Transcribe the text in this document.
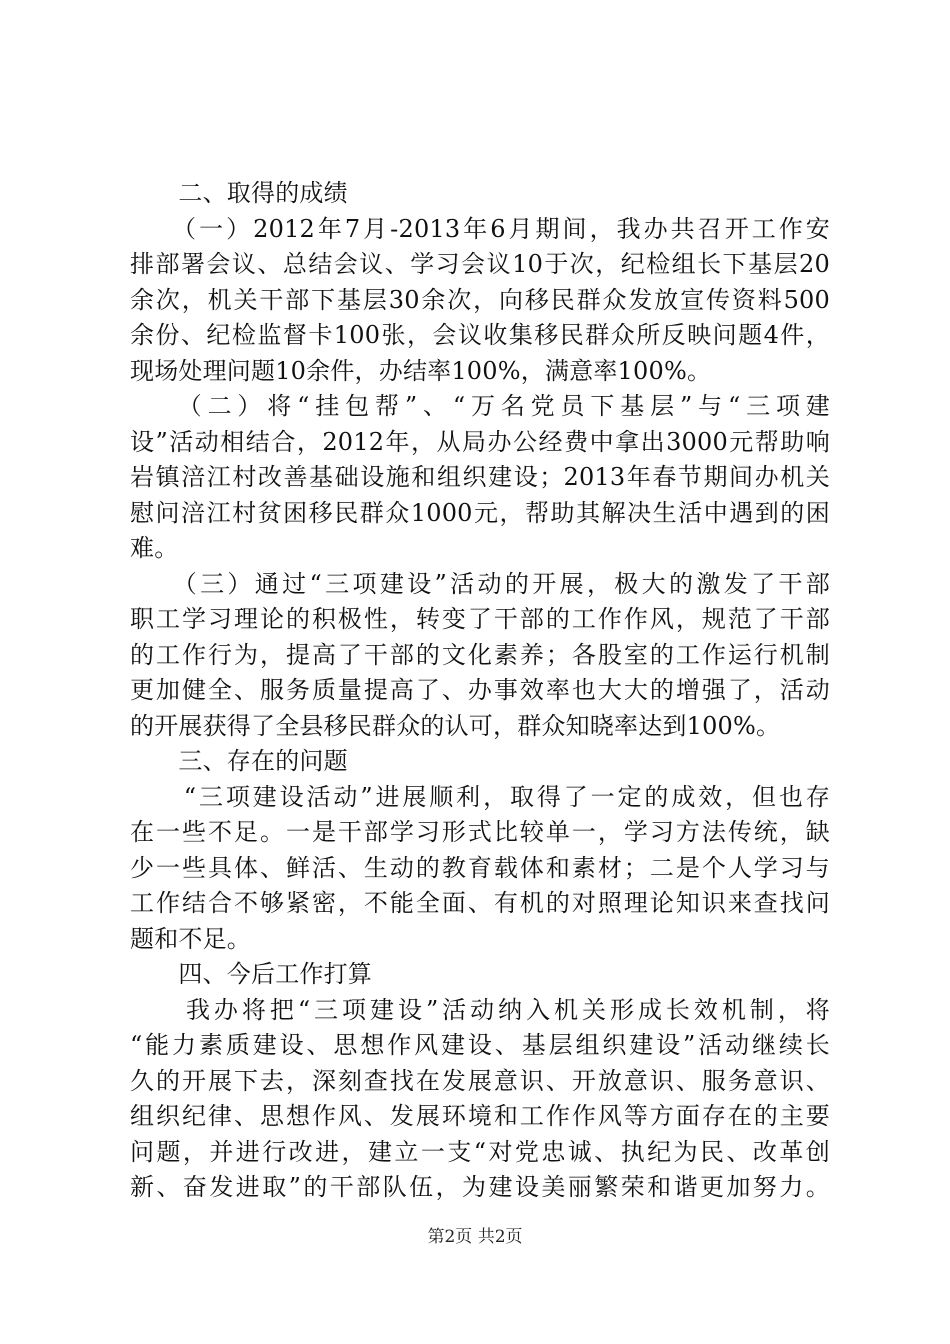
　　二、取得的成绩
　　（一）2012年7月-2013年6月期间，我办共召开工作安
排部署会议、总结会议、学习会议10于次，纪检组长下基层20
余次，机关干部下基层30余次，向移民群众发放宣传资料500
余份、纪检监督卡100张，会议收集移民群众所反映问题4件，
现场处理问题10余件，办结率100%，满意率100%。
　　（二）将“挂包帮”、“万名党员下基层”与“三项建
设”活动相结合，2012年，从局办公经费中拿出3000元帮助响
岩镇涪江村改善基础设施和组织建设；2013年春节期间办机关
慰问涪江村贫困移民群众1000元，帮助其解决生活中遇到的困
难。
　　（三）通过“三项建设”活动的开展，极大的激发了干部
职工学习理论的积极性，转变了干部的工作作风，规范了干部
的工作行为，提高了干部的文化素养；各股室的工作运行机制
更加健全、服务质量提高了、办事效率也大大的增强了，活动
的开展获得了全县移民群众的认可，群众知晓率达到100%。
　　三、存在的问题
　　“三项建设活动”进展顺利，取得了一定的成效，但也存
在一些不足。一是干部学习形式比较单一，学习方法传统，缺
少一些具体、鲜活、生动的教育载体和素材；二是个人学习与
工作结合不够紧密，不能全面、有机的对照理论知识来查找问
题和不足。
　　四、今后工作打算
　　我办将把“三项建设”活动纳入机关形成长效机制，将
“能力素质建设、思想作风建设、基层组织建设”活动继续长
久的开展下去，深刻查找在发展意识、开放意识、服务意识、
组织纪律、思想作风、发展环境和工作作风等方面存在的主要
问题，并进行改进，建立一支“对党忠诚、执纪为民、改革创
新、奋发进取”的干部队伍，为建设美丽繁荣和谐更加努力。
第2页 共2页
